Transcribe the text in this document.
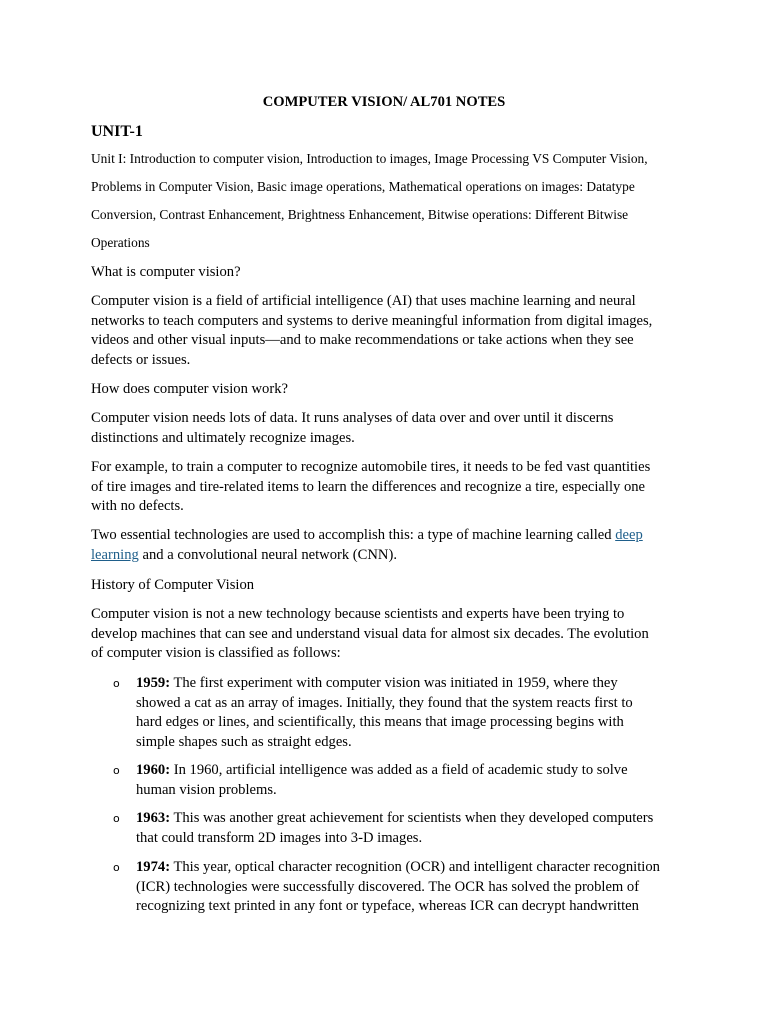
COMPUTER VISION/ AL701 NOTES
UNIT-1
Unit I: Introduction to computer vision, Introduction to images, Image Processing VS Computer Vision,
Problems in Computer Vision, Basic image operations, Mathematical operations on images: Datatype
Conversion, Contrast Enhancement, Brightness Enhancement, Bitwise operations: Different Bitwise
Operations
What is computer vision?
Computer vision is a field of artificial intelligence (AI) that uses machine learning and neural
networks to teach computers and systems to derive meaningful information from digital images,
videos and other visual inputs—and to make recommendations or take actions when they see
defects or issues.
How does computer vision work?
Computer vision needs lots of data. It runs analyses of data over and over until it discerns
distinctions and ultimately recognize images.
For example, to train a computer to recognize automobile tires, it needs to be fed vast quantities
of tire images and tire-related items to learn the differences and recognize a tire, especially one
with no defects.
Two essential technologies are used to accomplish this: a type of machine learning called deep
learning and a convolutional neural network (CNN).
History of Computer Vision
Computer vision is not a new technology because scientists and experts have been trying to
develop machines that can see and understand visual data for almost six decades. The evolution
of computer vision is classified as follows:
o 1959: The first experiment with computer vision was initiated in 1959, where they
showed a cat as an array of images. Initially, they found that the system reacts first to
hard edges or lines, and scientifically, this means that image processing begins with
simple shapes such as straight edges.
o 1960: In 1960, artificial intelligence was added as a field of academic study to solve
human vision problems.
o 1963: This was another great achievement for scientists when they developed computers
that could transform 2D images into 3-D images.
o 1974: This year, optical character recognition (OCR) and intelligent character recognition
(ICR) technologies were successfully discovered. The OCR has solved the problem of
recognizing text printed in any font or typeface, whereas ICR can decrypt handwritten
